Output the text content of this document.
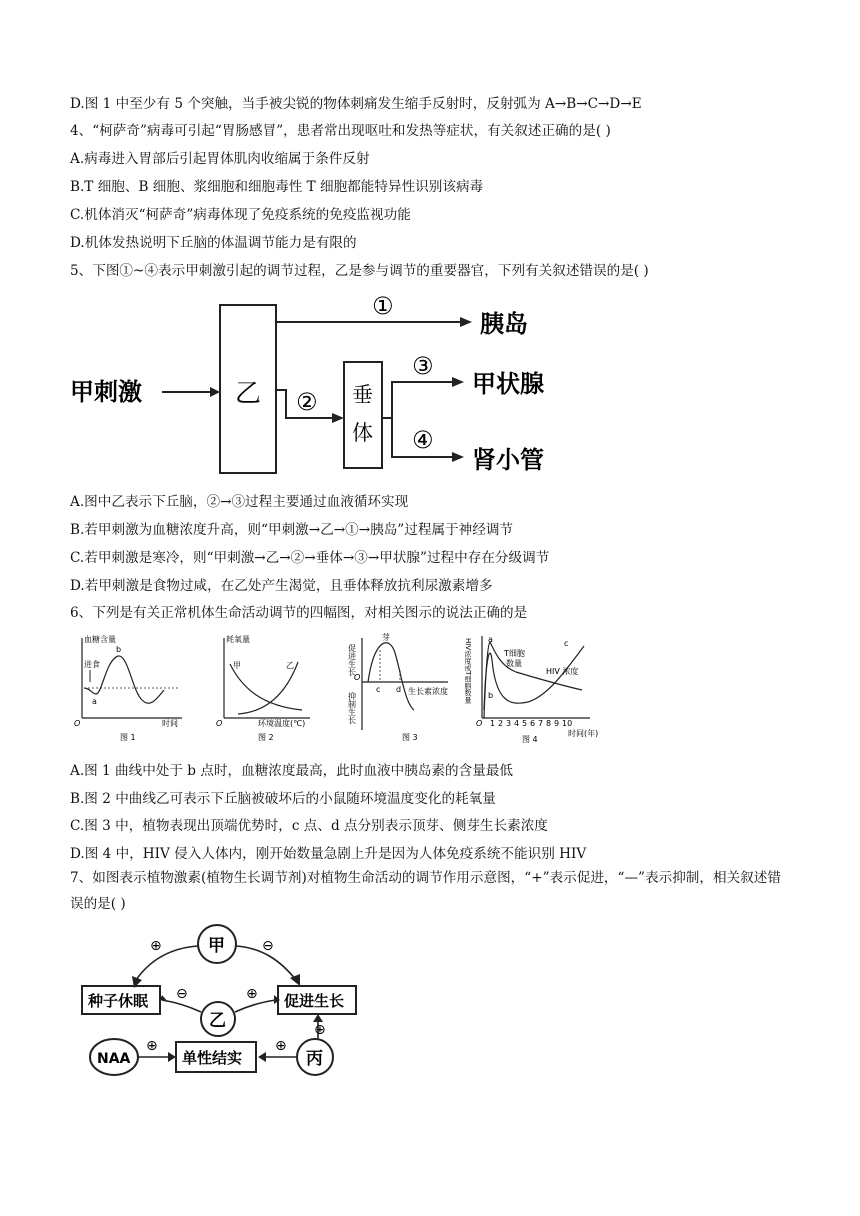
D.图 1 中至少有 5 个突触，当手被尖锐的物体刺痛发生缩手反射时，反射弧为 A→B→C→D→E
4、“柯萨奇”病毒可引起“胃肠感冒”，患者常出现呕吐和发热等症状，有关叙述正确的是( )
A.病毒进入胃部后引起胃体肌肉收缩属于条件反射
B.T 细胞、B 细胞、浆细胞和细胞毒性 T 细胞都能特异性识别该病毒
C.机体消灭“柯萨奇”病毒体现了免疫系统的免疫监视功能
D.机体发热说明下丘脑的体温调节能力是有限的
5、下图①~④表示甲刺激引起的调节过程，乙是参与调节的重要器官，下列有关叙述错误的是( )
甲刺激	乙
①
胰岛
② 垂
体
③
甲状腺
④
肾小管
A.图中乙表示下丘脑，②→③过程主要通过血液循环实现
B.若甲刺激为血糖浓度升高，则“甲刺激→乙→①→胰岛”过程属于神经调节
C.若甲刺激是寒冷，则“甲刺激→乙→②→垂体→③→甲状腺”过程中存在分级调节
D.若甲刺激是食物过咸，在乙处产生渴觉，且垂体释放抗利尿激素增多
6、下列是有关正常机体生命活动调节的四幅图，对相关图示的说法正确的是
血糖含量
进食
a
b
O	时间
图 1
耗氧量
甲	乙
O	环境温度(℃)
图 2
促进生长
抑制生长
芽
c d
O
生长素浓度
图 3
HIV浓度或T细胞数量 a
b
c
T细胞
数量
HIV 浓度
O 1 2 3 4 5 6 7 8 9 10
时间(年)
图 4
A.图 1 曲线中处于 b 点时，血糖浓度最高，此时血液中胰岛素的含量最低
B.图 2 中曲线乙可表示下丘脑被破坏后的小鼠随环境温度变化的耗氧量
C.图 3 中，植物表现出顶端优势时，c 点、d 点分别表示顶芽、侧芽生长素浓度
D.图 4 中，HIV 侵入人体内，刚开始数量急剧上升是因为人体免疫系统不能识别 HIV
7、如图表示植物激素(植物生长调节剂)对植物生命活动的调节作用示意图，“+”表示促进，“—”表示抑制，相关叙述错误的是( )
甲
⊕	⊖
种子休眠	促进生长
乙
⊖	⊕
NAA
⊕
单性结实	丙
⊕
⊕
